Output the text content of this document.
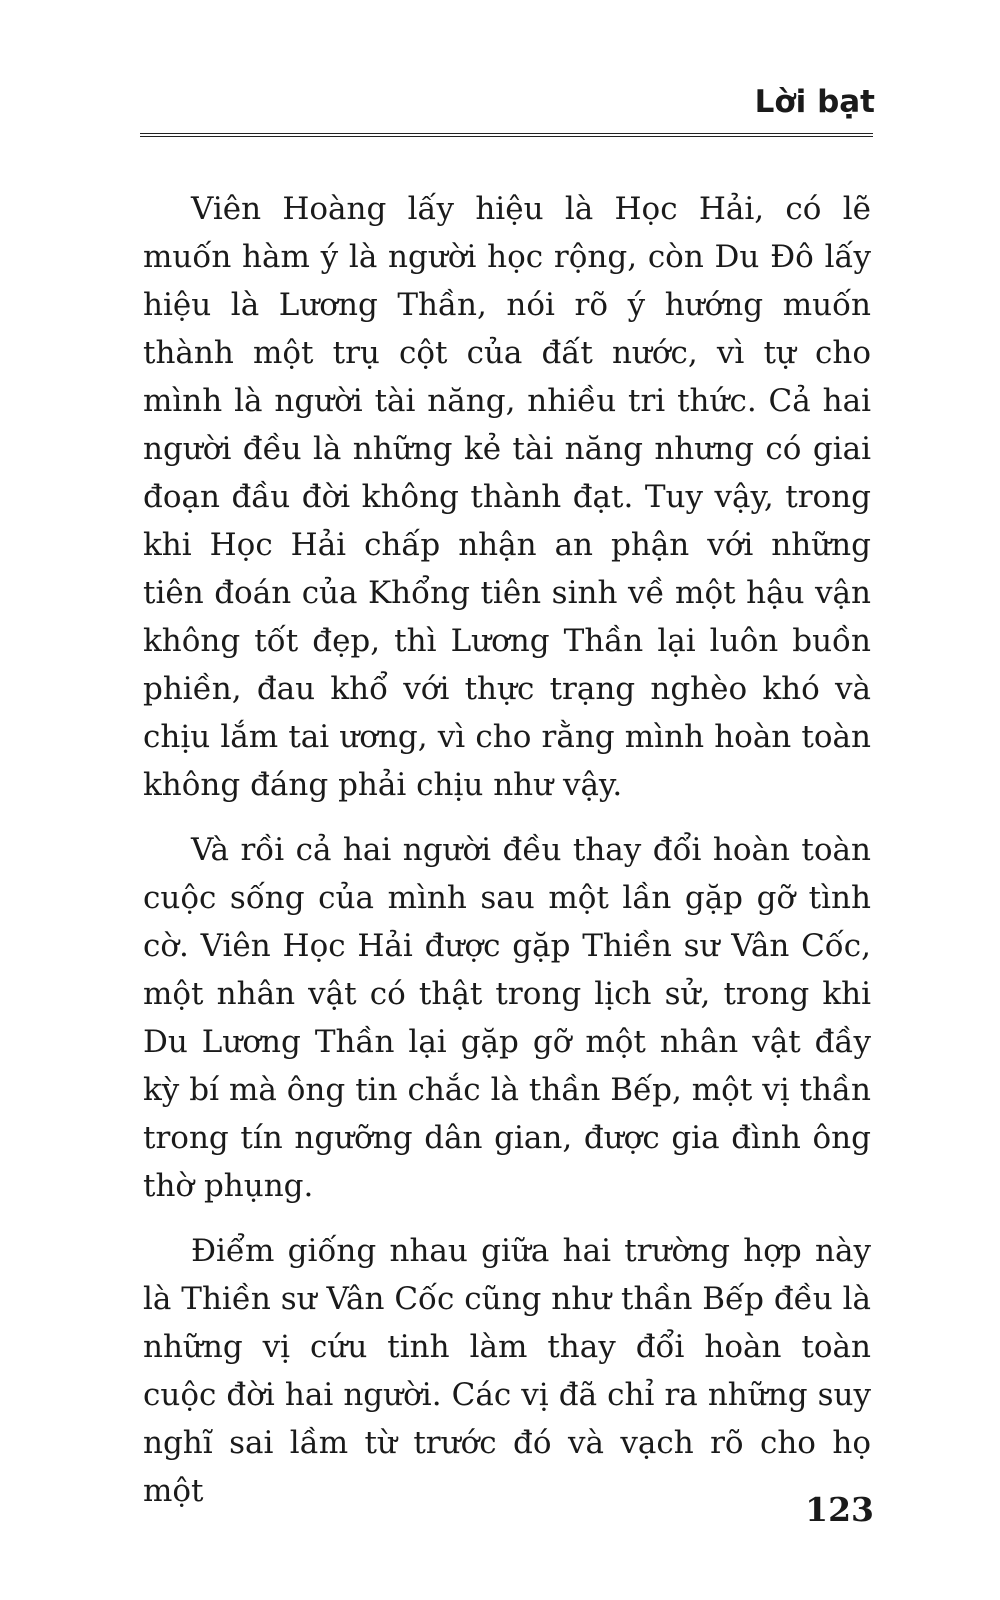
Lời bạt

Viên Hoàng lấy hiệu là Học Hải, có lẽ muốn hàm ý là người học rộng, còn Du Đô lấy hiệu là Lương Thần, nói rõ ý hướng muốn thành một trụ cột của đất nước, vì tự cho mình là người tài năng, nhiều tri thức. Cả hai người đều là những kẻ tài năng nhưng có giai đoạn đầu đời không thành đạt. Tuy vậy, trong khi Học Hải chấp nhận an phận với những tiên đoán của Khổng tiên sinh về một hậu vận không tốt đẹp, thì Lương Thần lại luôn buồn phiền, đau khổ với thực trạng nghèo khó và chịu lắm tai ương, vì cho rằng mình hoàn toàn không đáng phải chịu như vậy.

Và rồi cả hai người đều thay đổi hoàn toàn cuộc sống của mình sau một lần gặp gỡ tình cờ. Viên Học Hải được gặp Thiền sư Vân Cốc, một nhân vật có thật trong lịch sử, trong khi Du Lương Thần lại gặp gỡ một nhân vật đầy kỳ bí mà ông tin chắc là thần Bếp, một vị thần trong tín ngưỡng dân gian, được gia đình ông thờ phụng.

Điểm giống nhau giữa hai trường hợp này là Thiền sư Vân Cốc cũng như thần Bếp đều là những vị cứu tinh làm thay đổi hoàn toàn cuộc đời hai người. Các vị đã chỉ ra những suy nghĩ sai lầm từ trước đó và vạch rõ cho họ một	123
